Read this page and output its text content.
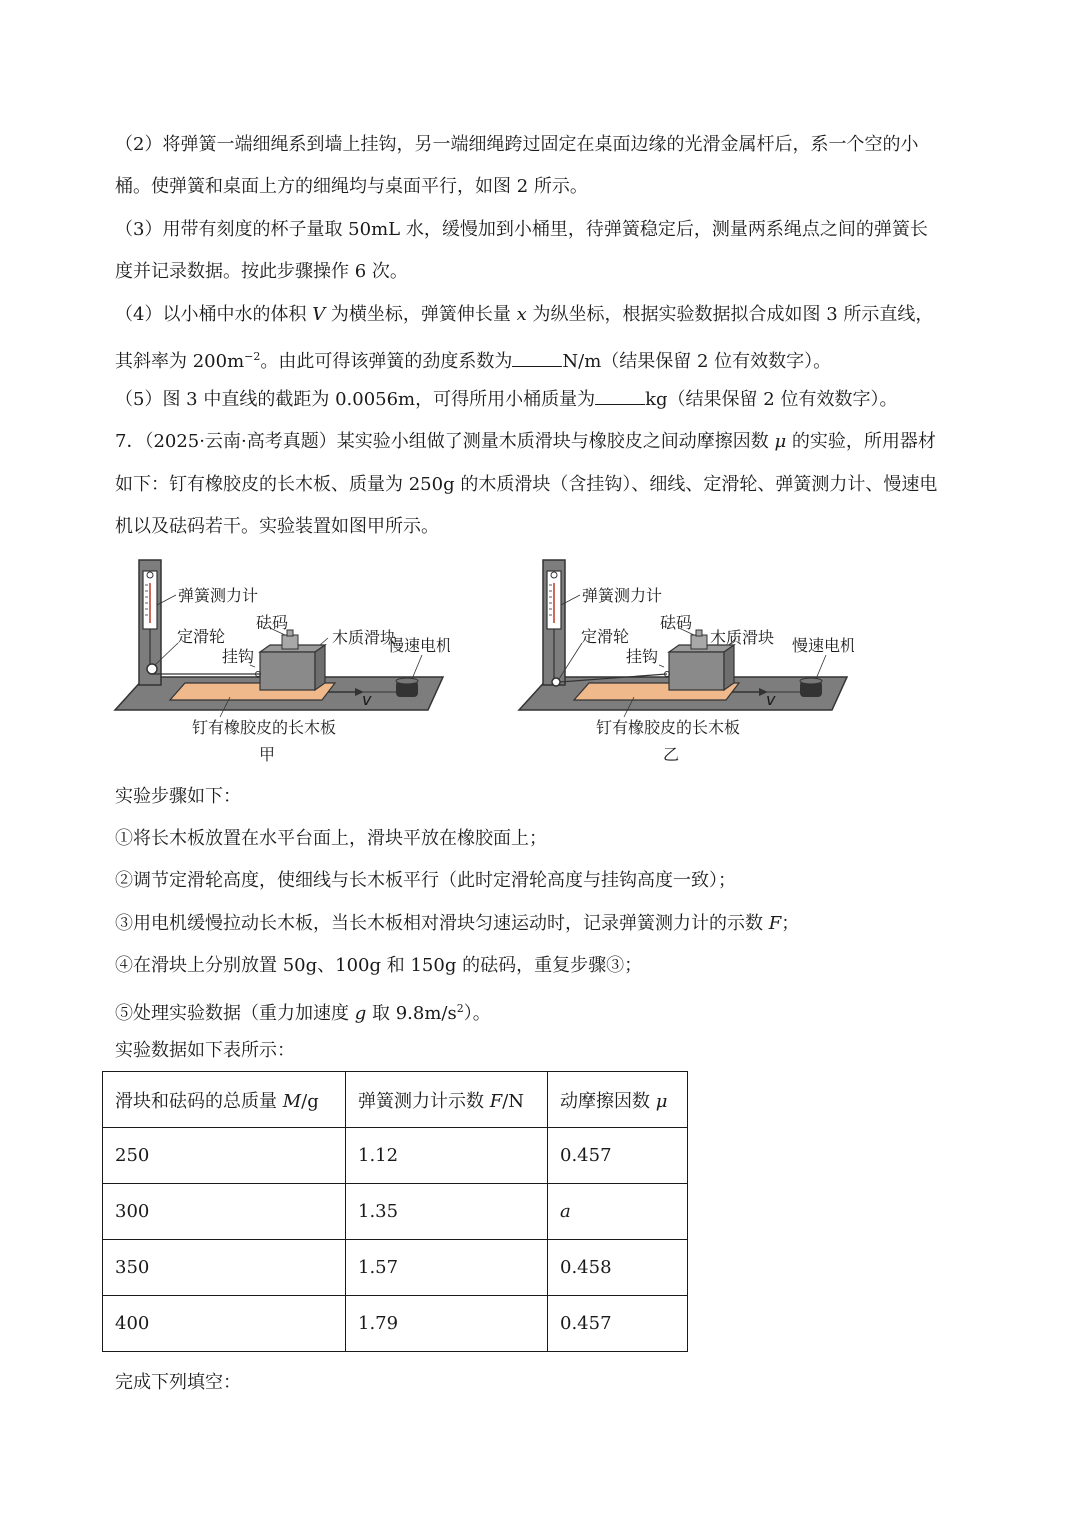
（2）将弹簧一端细绳系到墙上挂钩，另一端细绳跨过固定在桌面边缘的光滑金属杆后，系一个空的小
桶。使弹簧和桌面上方的细绳均与桌面平行，如图 2 所示。
（3）用带有刻度的杯子量取 50mL 水，缓慢加到小桶里，待弹簧稳定后，测量两系绳点之间的弹簧长
度并记录数据。按此步骤操作 6 次。
（4）以小桶中水的体积 V 为横坐标，弹簧伸长量 x 为纵坐标，根据实验数据拟合成如图 3 所示直线，
其斜率为 $200m^{-2}$。由此可得该弹簧的劲度系数为	N/m（结果保留 2 位有效数字）。
（5）图 3 中直线的截距为 0.0056m，可得所用小桶质量为	kg（结果保留 2 位有效数字）。
7．（2025·云南·高考真题）某实验小组做了测量木质滑块与橡胶皮之间动摩擦因数 μ 的实验，所用器材
如下：钉有橡胶皮的长木板、质量为 250g 的木质滑块（含挂钩）、细线、定滑轮、弹簧测力计、慢速电
机以及砝码若干。实验装置如图甲所示。
v
弹簧测力计
定滑轮
砝码
木质滑块
挂钩
慢速电机
钉有橡胶皮的长木板
甲
v
弹簧测力计
定滑轮
砝码
木质滑块
挂钩
慢速电机
钉有橡胶皮的长木板
乙
实验步骤如下：
①将长木板放置在水平台面上，滑块平放在橡胶面上；
②调节定滑轮高度，使细线与长木板平行（此时定滑轮高度与挂钩高度一致）；
③用电机缓慢拉动长木板，当长木板相对滑块匀速运动时，记录弹簧测力计的示数 F；
④在滑块上分别放置 50g、100g 和 150g 的砝码，重复步骤③；
⑤处理实验数据（重力加速度 g 取 $9.8m/s^2$）。
实验数据如下表所示：
滑块和砝码的总质量 M/g	弹簧测力计示数 F/N	动摩擦因数 μ
250	1.12	0.457
300	1.35	a
350	1.57	0.458
400	1.79	0.457
完成下列填空：
